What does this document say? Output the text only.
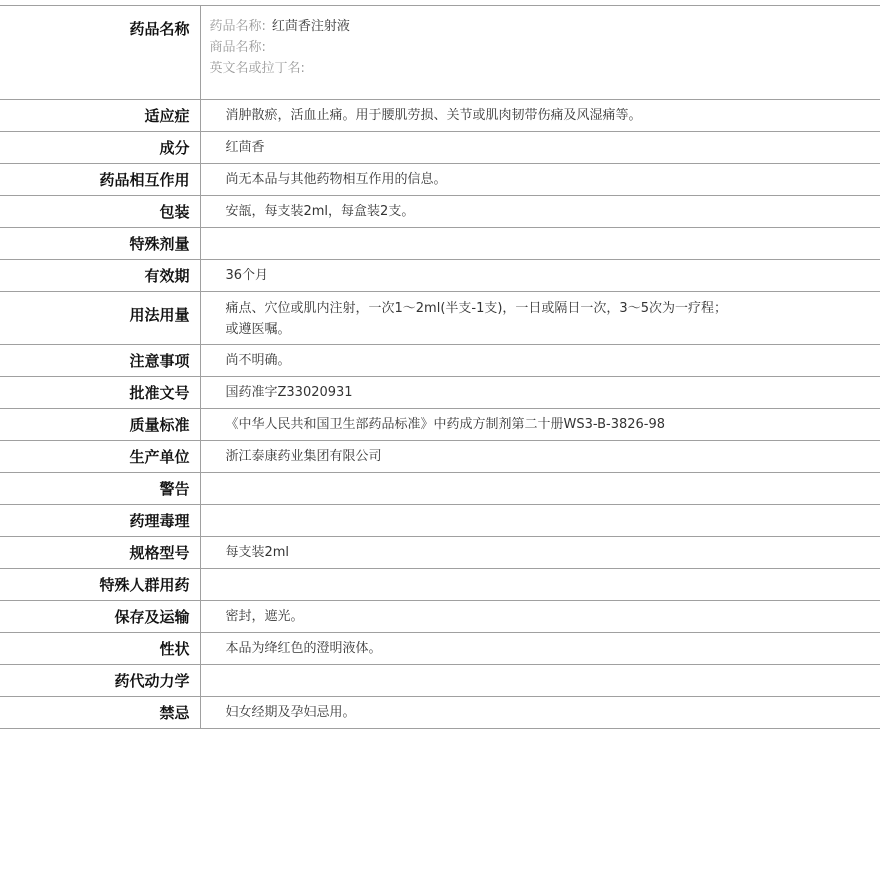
药品名称	药品名称: 红茴香注射液
商品名称:
英文名或拉丁名:

适应症	消肿散瘀，活血止痛。用于腰肌劳损、关节或肌肉韧带伤痛及风湿痛等。
成分	红茴香
药品相互作用	尚无本品与其他药物相互作用的信息。
包装	安瓿，每支装2ml，每盒装2支。
特殊剂量	
有效期	36个月
用法用量	痛点、穴位或肌内注射，一次1～2ml(半支-1支)，一日或隔日一次，3～5次为一疗程；或遵医嘱。
注意事项	尚不明确。
批准文号	国药准字Z33020931
质量标准	《中华人民共和国卫生部药品标准》中药成方制剂第二十册WS3-B-3826-98
生产单位	浙江泰康药业集团有限公司
警告	
药理毒理	
规格型号	每支装2ml
特殊人群用药	
保存及运输	密封，遮光。
性状	本品为绛红色的澄明液体。
药代动力学	
禁忌	妇女经期及孕妇忌用。
